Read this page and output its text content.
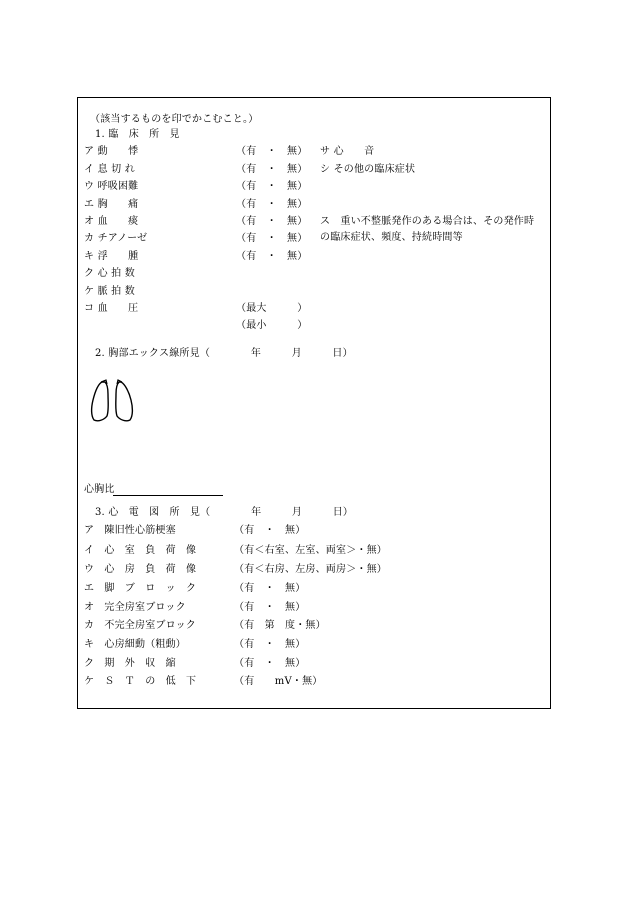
（該当するものを印でかこむこと。）
1. 臨　床　所　見
ア 動　　悸	（有　・　無）
イ 息 切 れ	（有　・　無）
ウ 呼吸困難	（有　・　無）
エ 胸　　痛	（有　・　無）
オ 血　　痰	（有　・　無）
カ チアノーゼ	（有　・　無）
キ 浮　　腫	（有　・　無）
ク 心 拍 数
ケ 脈 拍 数
コ 血　　圧	（最大　　　）
（最小　　　）
サ 心　　音
シ その他の臨床症状
ス　重い不整脈発作のある場合は、その発作時
の臨床症状、頻度、持続時間等
2. 胸部エックス線所見（　　　　年　　　月　　　日）
心胸比
3. 心　電　図　所　見（　　　　年　　　月　　　日）
ア　陳旧性心筋梗塞	（有　・　無）
イ　心　室　負　荷　像	（有＜右室、左室、両室＞・無）
ウ　心　房　負　荷　像	（有＜右房、左房、両房＞・無）
エ　脚　ブ　ロ　ッ　ク	（有　・　無）
オ　完全房室ブロック	（有　・　無）
カ　不完全房室ブロック	（有　第　度・無）
キ　心房細動（粗動）	（有　・　無）
ク　期　外　収　縮	（有　・　無）
ケ　Ｓ　Ｔ　の　低　下	（有　　mV・無）
